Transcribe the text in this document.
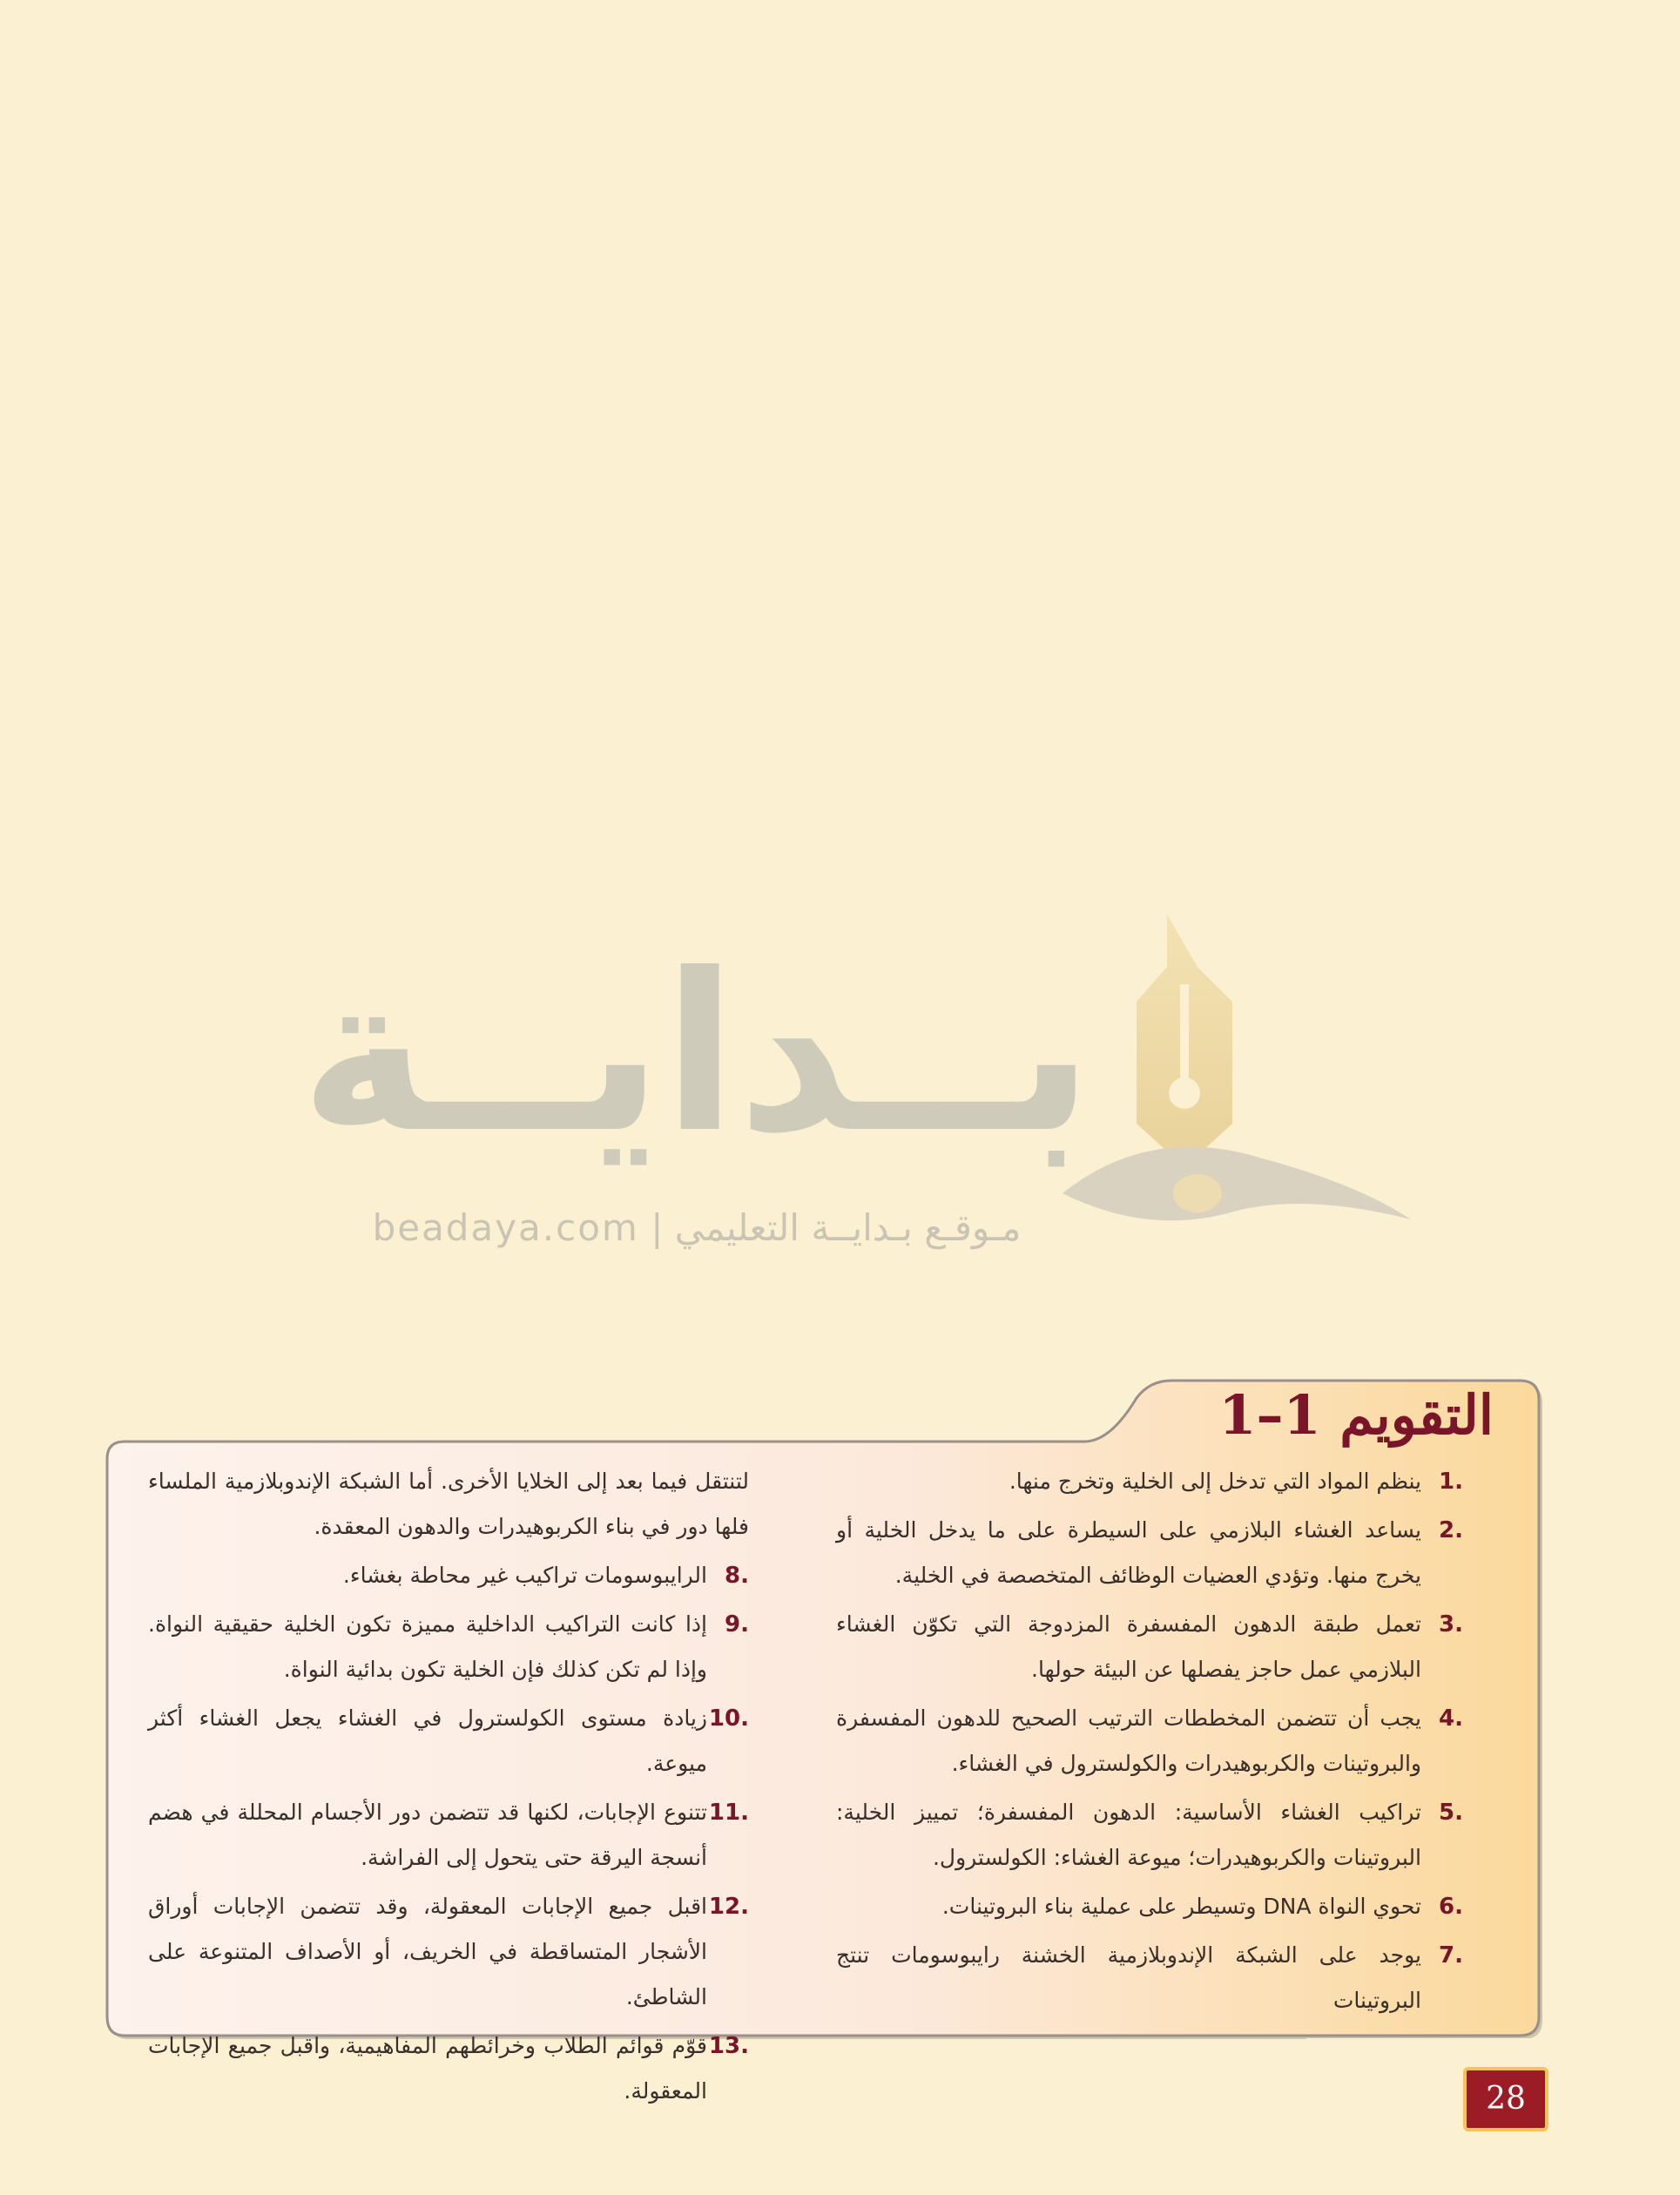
بــدايــة
مـوقـع بـدايــة التعليمي | beadaya.com
التقويم 1–1
.1
ينظم المواد التي تدخل إلى الخلية وتخرج منها.
.2
يساعد الغشاء البلازمي على السيطرة على ما يدخل الخلية أو يخرج منها. وتؤدي العضيات الوظائف المتخصصة في الخلية.
.3
تعمل طبقة الدهون المفسفرة المزدوجة التي تكوّن الغشاء البلازمي عمل حاجز يفصلها عن البيئة حولها.
.4
يجب أن تتضمن المخططات الترتيب الصحيح للدهون المفسفرة والبروتينات والكربوهيدرات والكولسترول في الغشاء.
.5
تراكيب الغشاء الأساسية: الدهون المفسفرة؛ تمييز الخلية: البروتينات والكربوهيدرات؛ ميوعة الغشاء: الكولسترول.
.6
تحوي النواة DNA وتسيطر على عملية بناء البروتينات.
.7
يوجد على الشبكة الإندوبلازمية الخشنة رايبوسومات تنتج البروتينات
لتنتقل فيما بعد إلى الخلايا الأخرى. أما الشبكة الإندوبلازمية الملساء فلها دور في بناء الكربوهيدرات والدهون المعقدة.
.8
الرايبوسومات تراكيب غير محاطة بغشاء.
.9
إذا كانت التراكيب الداخلية مميزة تكون الخلية حقيقية النواة. وإذا لم تكن كذلك فإن الخلية تكون بدائية النواة.
.10
زيادة مستوى الكولسترول في الغشاء يجعل الغشاء أكثر ميوعة.
.11
تتنوع الإجابات، لكنها قد تتضمن دور الأجسام المحللة في هضم أنسجة اليرقة حتى يتحول إلى الفراشة.
.12
اقبل جميع الإجابات المعقولة، وقد تتضمن الإجابات أوراق الأشجار المتساقطة في الخريف، أو الأصداف المتنوعة على الشاطئ.
.13
قوّم قوائم الطلاب وخرائطهم المفاهيمية، واقبل جميع الإجابات المعقولة.	28
